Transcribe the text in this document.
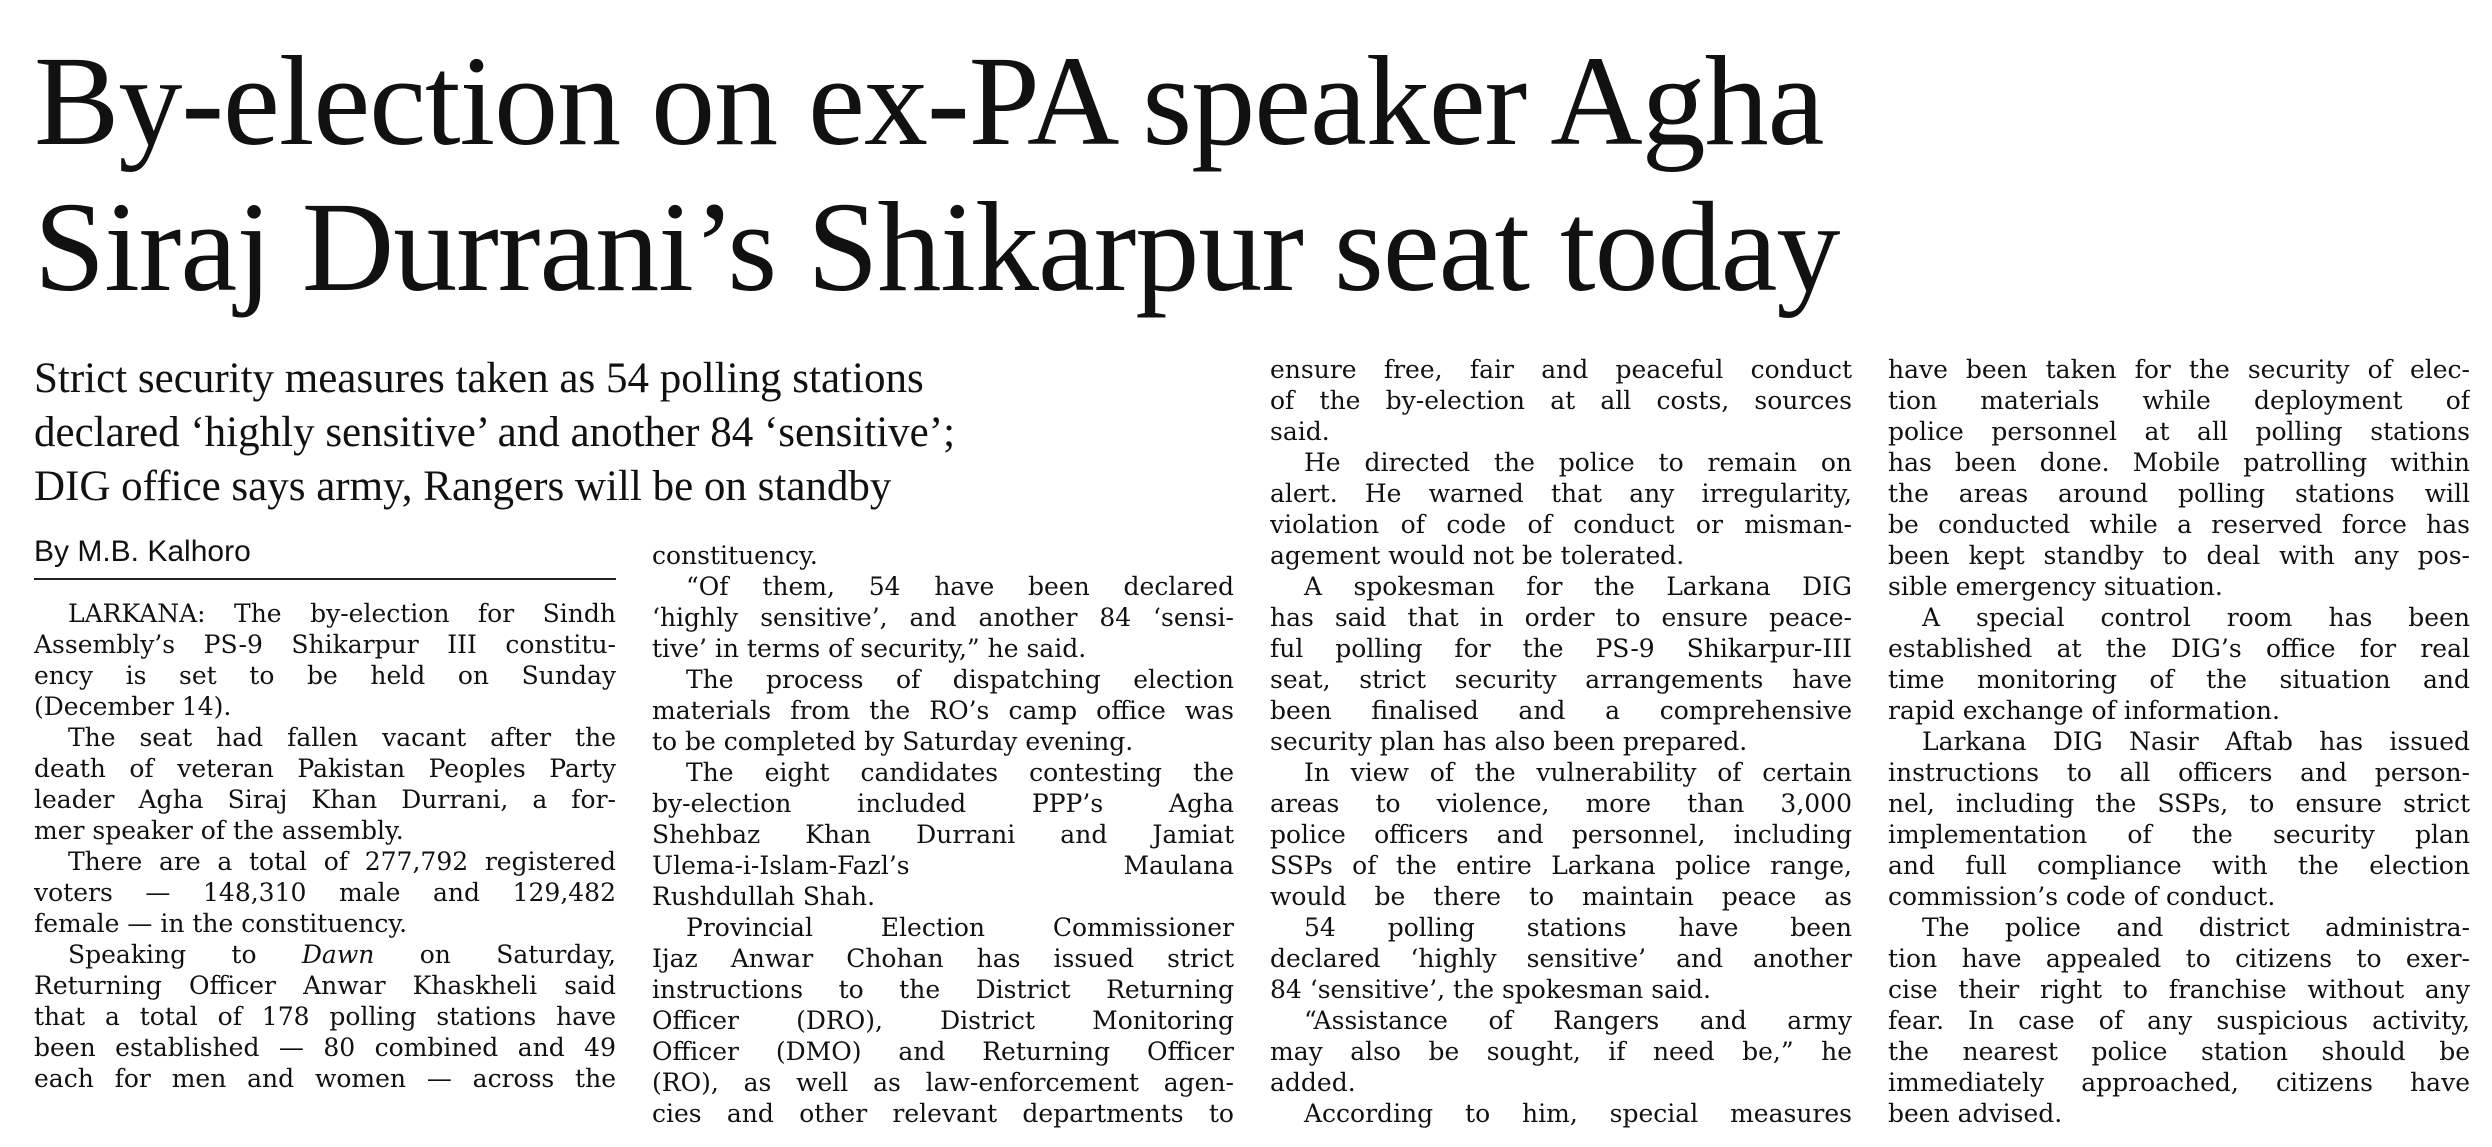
By-election on ex-PA speaker Agha
Siraj Durrani’s Shikarpur seat today
Strict security measures taken as 54 polling stations
declared ‘highly sensitive’ and another 84 ‘sensitive’;
DIG office says army, Rangers will be on standby
By M.B. Kalhoro
LARKANA: The by-election for Sindh
Assembly’s PS-9 Shikarpur III constitu-
ency is set to be held on Sunday
(December 14).
The seat had fallen vacant after the
death of veteran Pakistan Peoples Party
leader Agha Siraj Khan Durrani, a for-
mer speaker of the assembly.
There are a total of 277,792 registered
voters — 148,310 male and 129,482
female — in the constituency.
Speaking to Dawn on Saturday,
Returning Officer Anwar Khaskheli said
that a total of 178 polling stations have
been established — 80 combined and 49
each for men and women — across the
constituency.
“Of them, 54 have been declared
‘highly sensitive’, and another 84 ‘sensi-
tive’ in terms of security,” he said.
The process of dispatching election
materials from the RO’s camp office was
to be completed by Saturday evening.
The eight candidates contesting the
by-election included PPP’s Agha
Shehbaz Khan Durrani and Jamiat
Ulema-i-Islam-Fazl’s Maulana
Rushdullah Shah.
Provincial Election Commissioner
Ijaz Anwar Chohan has issued strict
instructions to the District Returning
Officer (DRO), District Monitoring
Officer (DMO) and Returning Officer
(RO), as well as law-enforcement agen-
cies and other relevant departments to
ensure free, fair and peaceful conduct
of the by-election at all costs, sources
said.
He directed the police to remain on
alert. He warned that any irregularity,
violation of code of conduct or misman-
agement would not be tolerated.
A spokesman for the Larkana DIG
has said that in order to ensure peace-
ful polling for the PS-9 Shikarpur-III
seat, strict security arrangements have
been finalised and a comprehensive
security plan has also been prepared.
In view of the vulnerability of certain
areas to violence, more than 3,000
police officers and personnel, including
SSPs of the entire Larkana police range,
would be there to maintain peace as
54 polling stations have been
declared ‘highly sensitive’ and another
84 ‘sensitive’, the spokesman said.
“Assistance of Rangers and army
may also be sought, if need be,” he
added.
According to him, special measures
have been taken for the security of elec-
tion materials while deployment of
police personnel at all polling stations
has been done. Mobile patrolling within
the areas around polling stations will
be conducted while a reserved force has
been kept standby to deal with any pos-
sible emergency situation.
A special control room has been
established at the DIG’s office for real
time monitoring of the situation and
rapid exchange of information.
Larkana DIG Nasir Aftab has issued
instructions to all officers and person-
nel, including the SSPs, to ensure strict
implementation of the security plan
and full compliance with the election
commission’s code of conduct.
The police and district administra-
tion have appealed to citizens to exer-
cise their right to franchise without any
fear. In case of any suspicious activity,
the nearest police station should be
immediately approached, citizens have
been advised.
